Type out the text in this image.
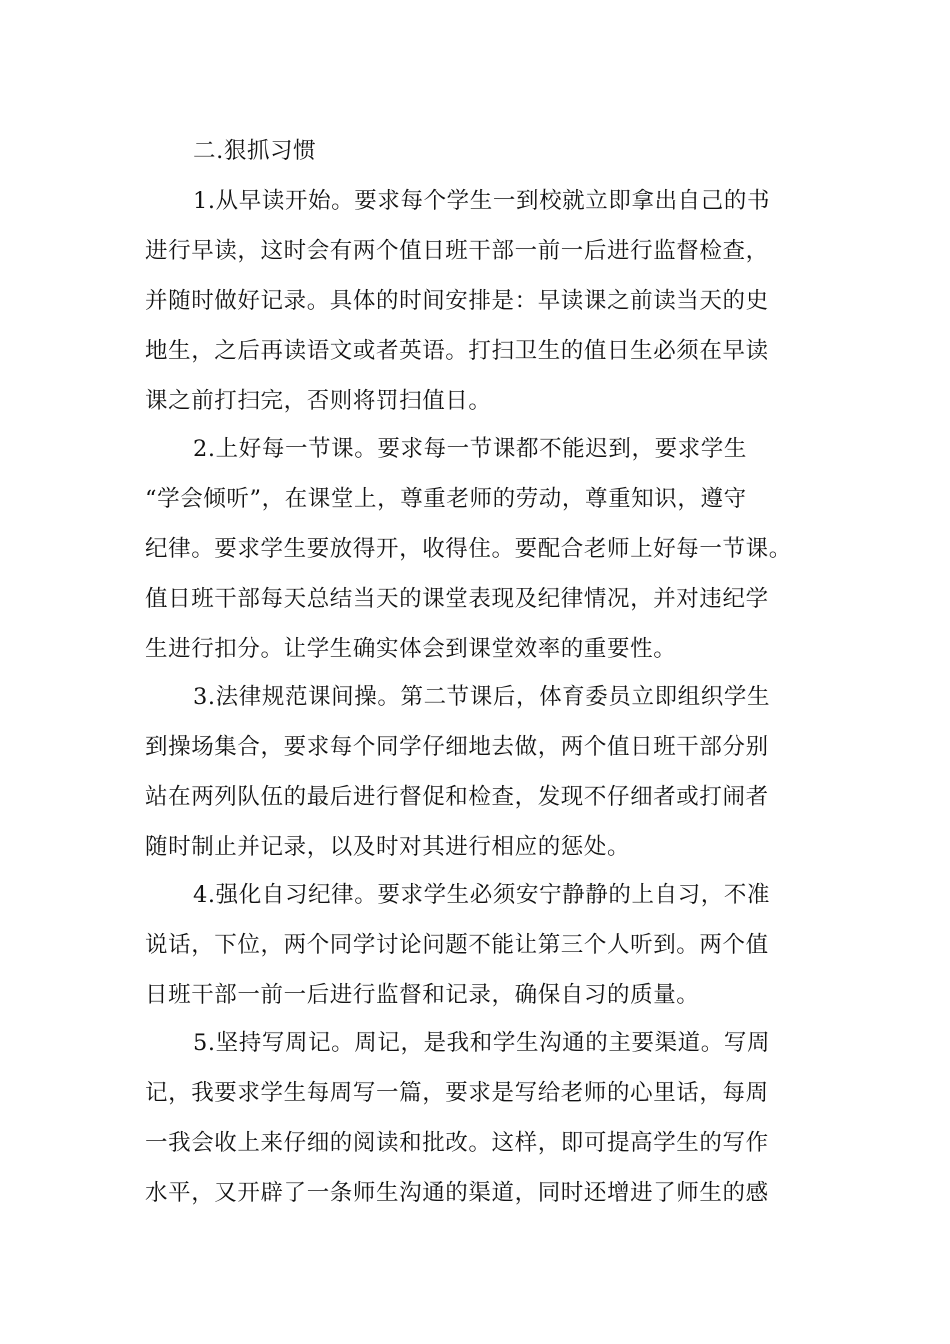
二.狠抓习惯

1.从早读开始。要求每个学生一到校就立即拿出自己的书

进行早读，这时会有两个值日班干部一前一后进行监督检查，

并随时做好记录。具体的时间安排是：早读课之前读当天的史

地生，之后再读语文或者英语。打扫卫生的值日生必须在早读

课之前打扫完，否则将罚扫值日。

2.上好每一节课。要求每一节课都不能迟到，要求学生

“学会倾听”，在课堂上，尊重老师的劳动，尊重知识，遵守

纪律。要求学生要放得开，收得住。要配合老师上好每一节课。

值日班干部每天总结当天的课堂表现及纪律情况，并对违纪学

生进行扣分。让学生确实体会到课堂效率的重要性。

3.法律规范课间操。第二节课后，体育委员立即组织学生

到操场集合，要求每个同学仔细地去做，两个值日班干部分别

站在两列队伍的最后进行督促和检查，发现不仔细者或打闹者

随时制止并记录，以及时对其进行相应的惩处。

4.强化自习纪律。要求学生必须安宁静静的上自习，不准

说话，下位，两个同学讨论问题不能让第三个人听到。两个值

日班干部一前一后进行监督和记录，确保自习的质量。

5.坚持写周记。周记，是我和学生沟通的主要渠道。写周

记，我要求学生每周写一篇，要求是写给老师的心里话，每周

一我会收上来仔细的阅读和批改。这样，即可提高学生的写作

水平，又开辟了一条师生沟通的渠道，同时还增进了师生的感
